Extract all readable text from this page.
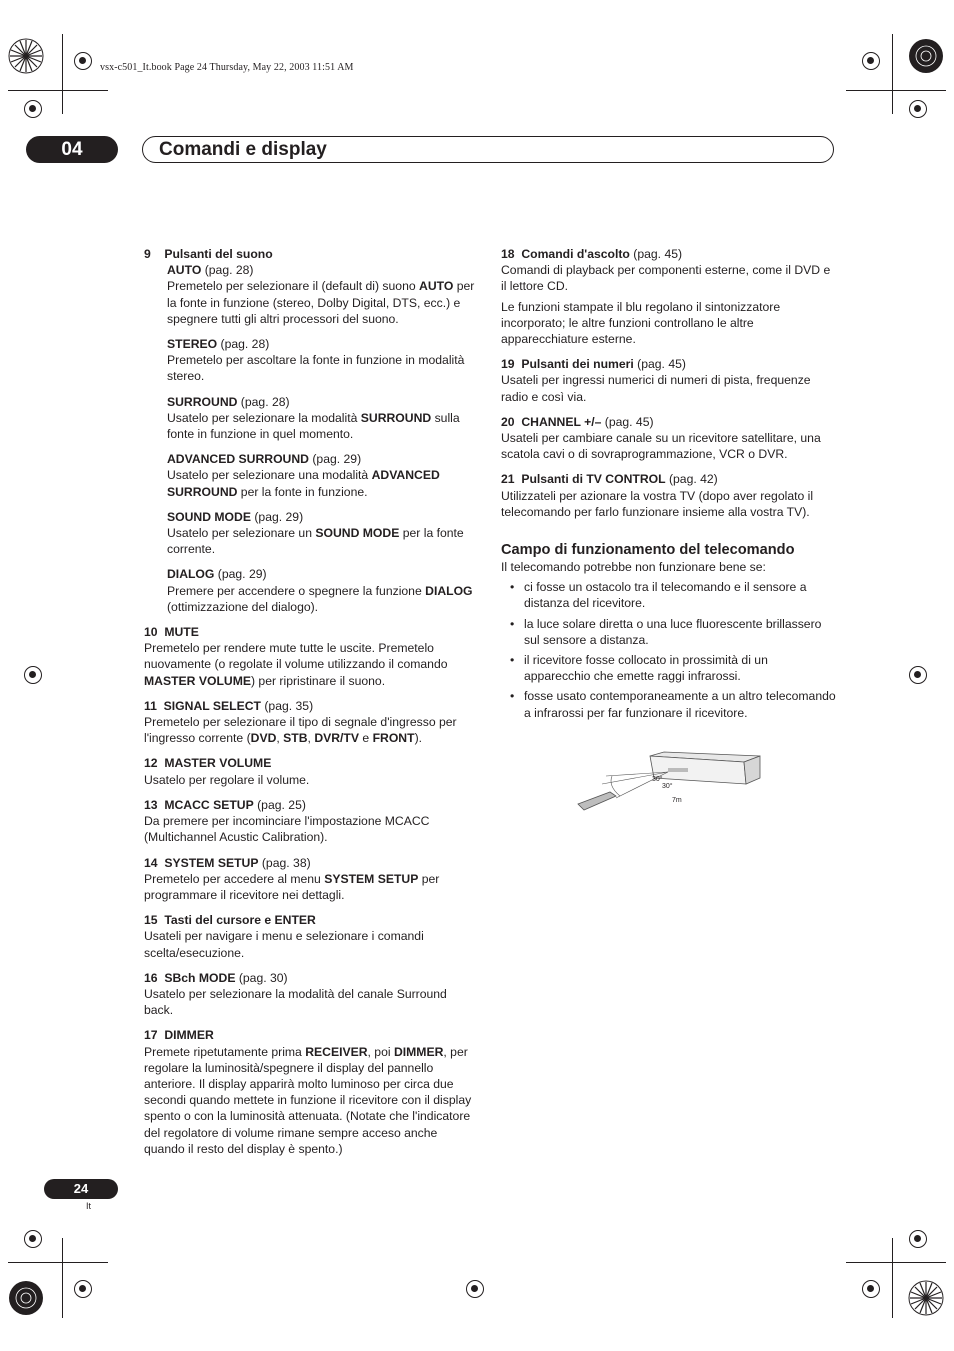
vsx-c501_It.book Page 24 Thursday, May 22, 2003 11:51 AM
04	Comandi e display

9 Pulsanti del suono

AUTO (pag. 28)

Premetelo per selezionare il (default di) suono AUTO per la fonte in funzione (stereo, Dolby Digital, DTS, ecc.) e spegnere tutti gli altri processori del suono.

STEREO (pag. 28)

Premetelo per ascoltare la fonte in funzione in modalità stereo.

SURROUND (pag. 28)

Usatelo per selezionare la modalità SURROUND sulla fonte in funzione in quel momento.

ADVANCED SURROUND (pag. 29)

Usatelo per selezionare una modalità ADVANCED SURROUND per la fonte in funzione.

SOUND MODE (pag. 29)

Usatelo per selezionare un SOUND MODE per la fonte corrente.

DIALOG (pag. 29)

Premere per accendere o spegnere la funzione DIALOG (ottimizzazione del dialogo).

10 MUTE

Premetelo per rendere mute tutte le uscite. Premetelo nuovamente (o regolate il volume utilizzando il comando MASTER VOLUME) per ripristinare il suono.

11 SIGNAL SELECT (pag. 35)

Premetelo per selezionare il tipo di segnale d'ingresso per l'ingresso corrente (DVD, STB, DVR/TV e FRONT).

12 MASTER VOLUME

Usatelo per regolare il volume.

13 MCACC SETUP (pag. 25)

Da premere per incominciare l'impostazione MCACC (Multichannel Acustic Calibration).

14 SYSTEM SETUP (pag. 38)

Premetelo per accedere al menu SYSTEM SETUP per programmare il ricevitore nei dettagli.

15 Tasti del cursore e ENTER

Usateli per navigare i menu e selezionare i comandi scelta/esecuzione.

16 SBch MODE (pag. 30)

Usatelo per selezionare la modalità del canale Surround back.

17 DIMMER

Premete ripetutamente prima RECEIVER, poi DIMMER, per regolare la luminosità/spegnere il display del pannello anteriore. Il display apparirà molto luminoso per circa due secondi quando mettete in funzione il ricevitore con il display spento o con la luminosità attenuata. (Notate che l'indicatore del regolatore di volume rimane sempre acceso anche quando il resto del display è spento.)

18 Comandi d'ascolto (pag. 45)

Comandi di playback per componenti esterne, come il DVD e il lettore CD.

Le funzioni stampate il blu regolano il sintonizzatore incorporato; le altre funzioni controllano le altre apparecchiature esterne.

19 Pulsanti dei numeri (pag. 45)

Usateli per ingressi numerici di numeri di pista, frequenze radio e così via.

20 CHANNEL +/– (pag. 45)

Usateli per cambiare canale su un ricevitore satellitare, una scatola cavi o di sovraprogrammazione, VCR o DVR.

21 Pulsanti di TV CONTROL (pag. 42)

Utilizzateli per azionare la vostra TV (dopo aver regolato il telecomando per farlo funzionare insieme alla vostra TV).

Campo di funzionamento del telecomando

Il telecomando potrebbe non funzionare bene se:

• ci fosse un ostacolo tra il telecomando e il sensore a distanza del ricevitore.
• la luce solare diretta o una luce fluorescente brillassero sul sensore a distanza.
• il ricevitore fosse collocato in prossimità di un apparecchio che emette raggi infrarossi.
• fosse usato contemporaneamente a un altro telecomando a infrarossi per far funzionare il ricevitore.
30°
30°
7m
24
It
